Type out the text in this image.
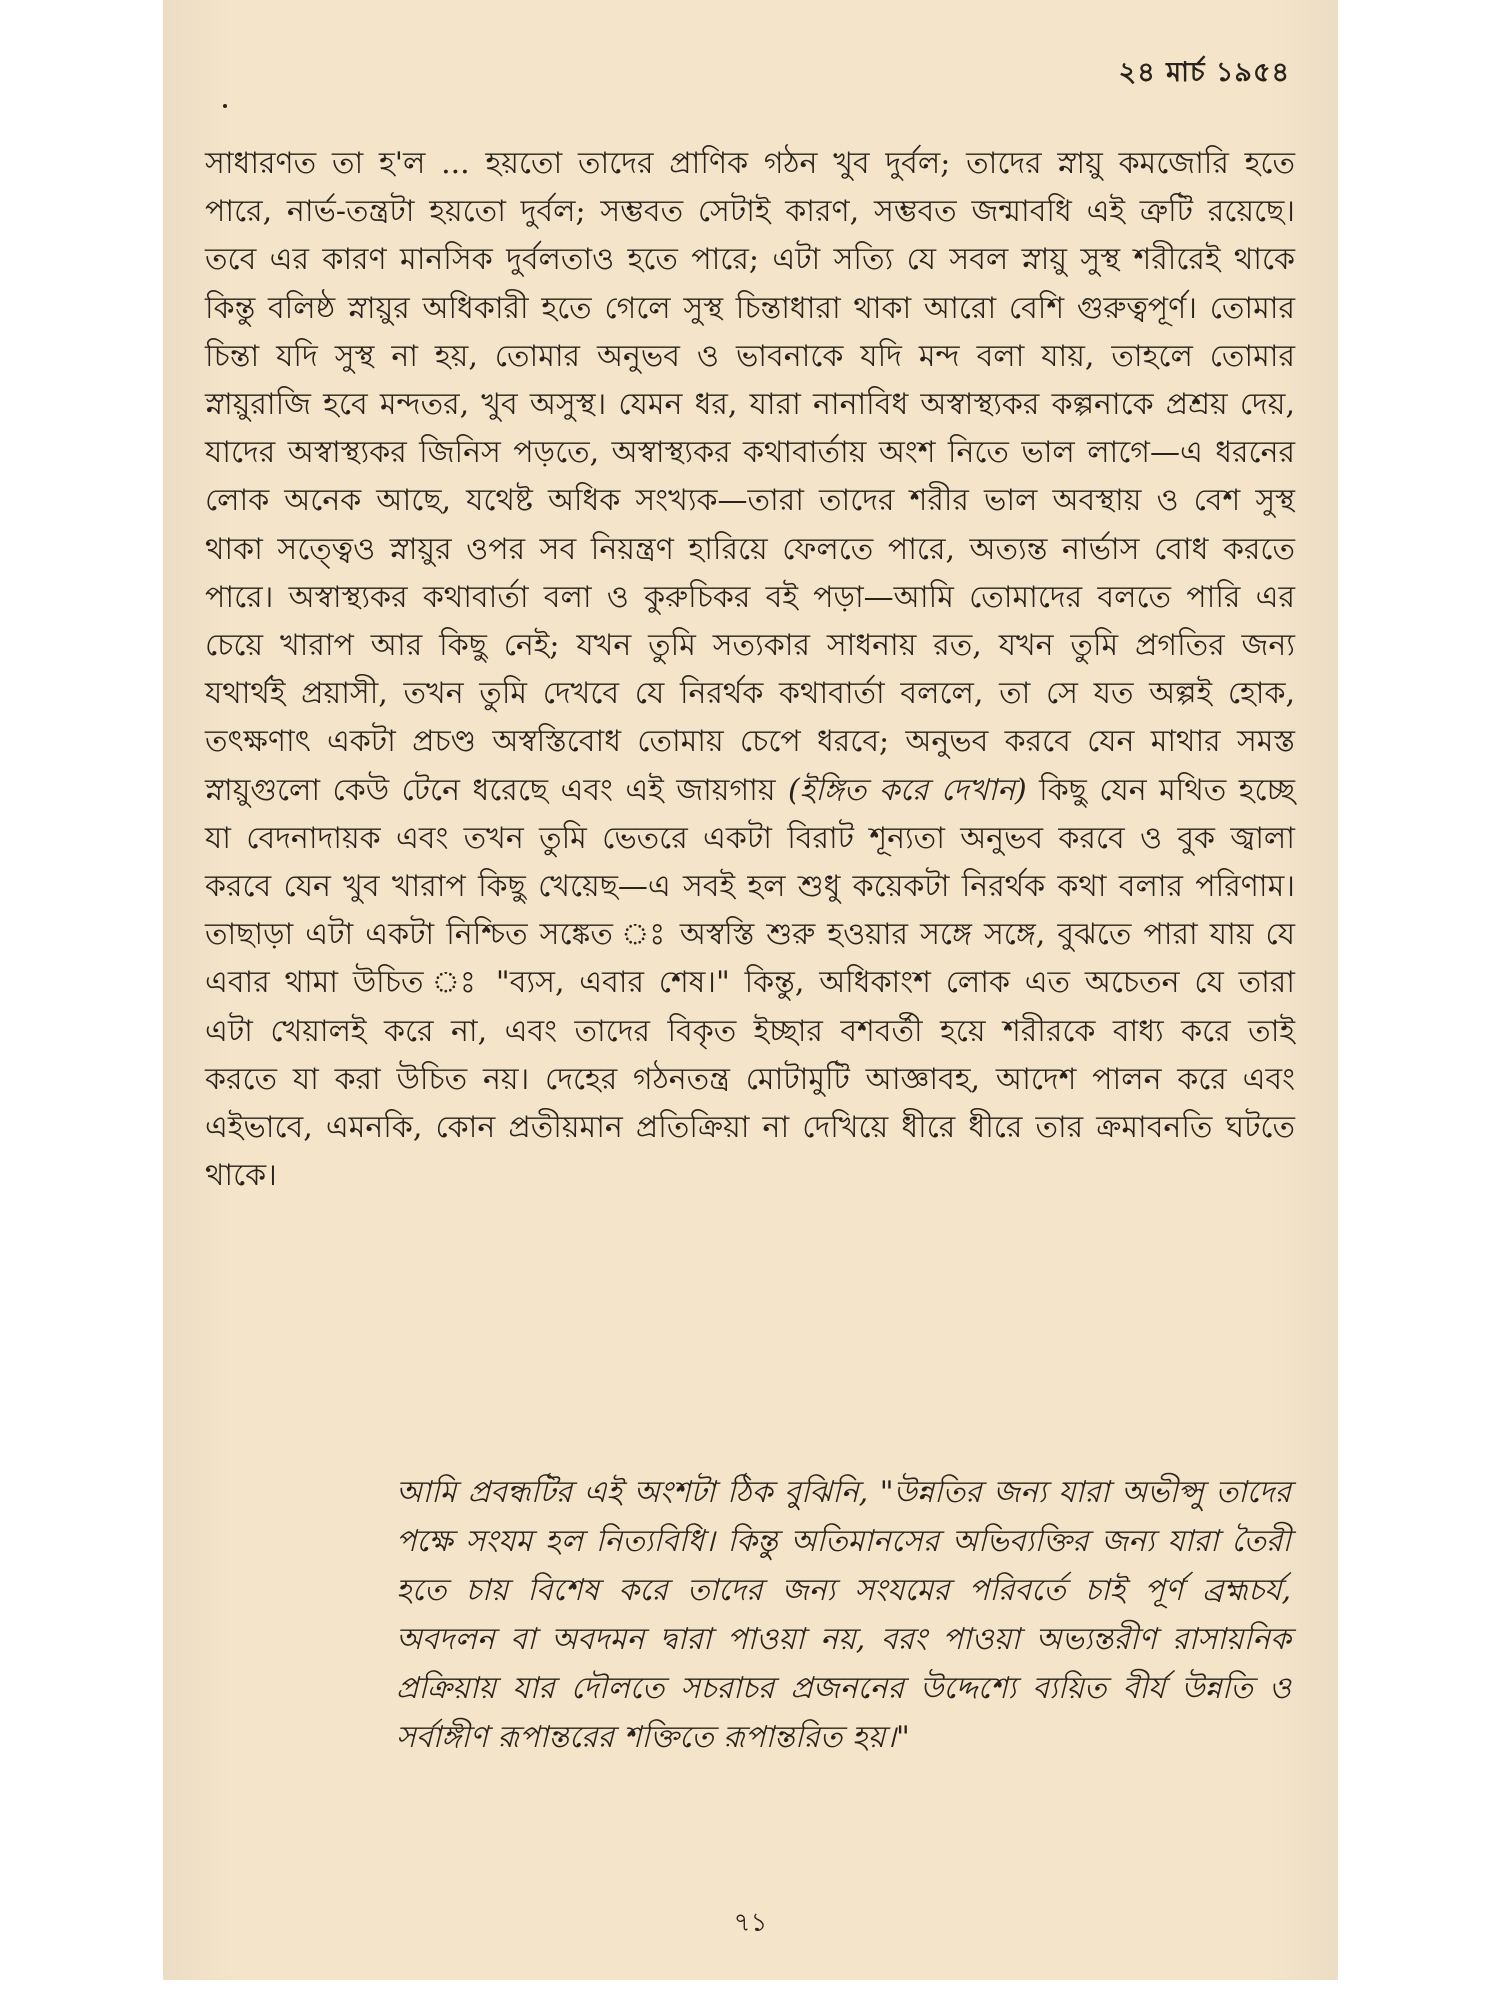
২৪ মার্চ ১৯৫৪

সাধারণত তা হ'ল ... হয়তো তাদের প্রাণিক গঠন খুব দুর্বল; তাদের স্নায়ু কমজোরি হতে পারে, নার্ভ-তন্ত্রটা হয়তো দুর্বল; সম্ভবত সেটাই কারণ, সম্ভবত জন্মাবধি এই ত্রুটি রয়েছে। তবে এর কারণ মানসিক দুর্বলতাও হতে পারে; এটা সত্যি যে সবল স্নায়ু সুস্থ শরীরেই থাকে কিন্তু বলিষ্ঠ স্নায়ুর অধিকারী হতে গেলে সুস্থ চিন্তাধারা থাকা আরো বেশি গুরুত্বপূর্ণ। তোমার চিন্তা যদি সুস্থ না হয়, তোমার অনুভব ও ভাবনাকে যদি মন্দ বলা যায়, তাহলে তোমার স্নায়ুরাজি হবে মন্দতর, খুব অসুস্থ। যেমন ধর, যারা নানাবিধ অস্বাস্থ্যকর কল্পনাকে প্রশ্রয় দেয়, যাদের অস্বাস্থ্যকর জিনিস পড়তে, অস্বাস্থ্যকর কথাবার্তায় অংশ নিতে ভাল লাগে—এ ধরনের লোক অনেক আছে, যথেষ্ট অধিক সংখ্যক—তারা তাদের শরীর ভাল অবস্থায় ও বেশ সুস্থ থাকা সত্ত্বেও স্নায়ুর ওপর সব নিয়ন্ত্রণ হারিয়ে ফেলতে পারে, অত্যন্ত নার্ভাস বোধ করতে পারে। অস্বাস্থ্যকর কথাবার্তা বলা ও কুরুচিকর বই পড়া—আমি তোমাদের বলতে পারি এর চেয়ে খারাপ আর কিছু নেই; যখন তুমি সত্যকার সাধনায় রত, যখন তুমি প্রগতির জন্য যথার্থই প্রয়াসী, তখন তুমি দেখবে যে নিরর্থক কথাবার্তা বললে, তা সে যত অল্পই হোক, তৎক্ষণাৎ একটা প্রচণ্ড অস্বস্তিবোধ তোমায় চেপে ধরবে; অনুভব করবে যেন মাথার সমস্ত স্নায়ুগুলো কেউ টেনে ধরেছে এবং এই জায়গায় (ইঙ্গিত করে দেখান) কিছু যেন মথিত হচ্ছে যা বেদনাদায়ক এবং তখন তুমি ভেতরে একটা বিরাট শূন্যতা অনুভব করবে ও বুক জ্বালা করবে যেন খুব খারাপ কিছু খেয়েছ—এ সবই হল শুধু কয়েকটা নিরর্থক কথা বলার পরিণাম। তাছাড়া এটা একটা নিশ্চিত সঙ্কেত ঃ অস্বস্তি শুরু হওয়ার সঙ্গে সঙ্গে, বুঝতে পারা যায় যে এবার থামা উচিত ঃ "ব্যস, এবার শেষ।" কিন্তু, অধিকাংশ লোক এত অচেতন যে তারা এটা খেয়ালই করে না, এবং তাদের বিকৃত ইচ্ছার বশবর্তী হয়ে শরীরকে বাধ্য করে তাই করতে যা করা উচিত নয়। দেহের গঠনতন্ত্র মোটামুটি আজ্ঞাবহ, আদেশ পালন করে এবং এইভাবে, এমনকি, কোন প্রতীয়মান প্রতিক্রিয়া না দেখিয়ে ধীরে ধীরে তার ক্রমাবনতি ঘটতে থাকে।

আমি প্রবন্ধটির এই অংশটা ঠিক বুঝিনি, "উন্নতির জন্য যারা অভীপ্সু তাদের পক্ষে সংযম হল নিত্যবিধি। কিন্তু অতিমানসের অভিব্যক্তির জন্য যারা তৈরী হতে চায় বিশেষ করে তাদের জন্য সংযমের পরিবর্তে চাই পূর্ণ ব্রহ্মচর্য, অবদলন বা অবদমন দ্বারা পাওয়া নয়, বরং পাওয়া অভ্যন্তরীণ রাসায়নিক প্রক্রিয়ায় যার দৌলতে সচরাচর প্রজননের উদ্দেশ্যে ব্যয়িত বীর্য উন্নতি ও সর্বাঙ্গীণ রূপান্তরের শক্তিতে রূপান্তরিত হয়।"

৭১
